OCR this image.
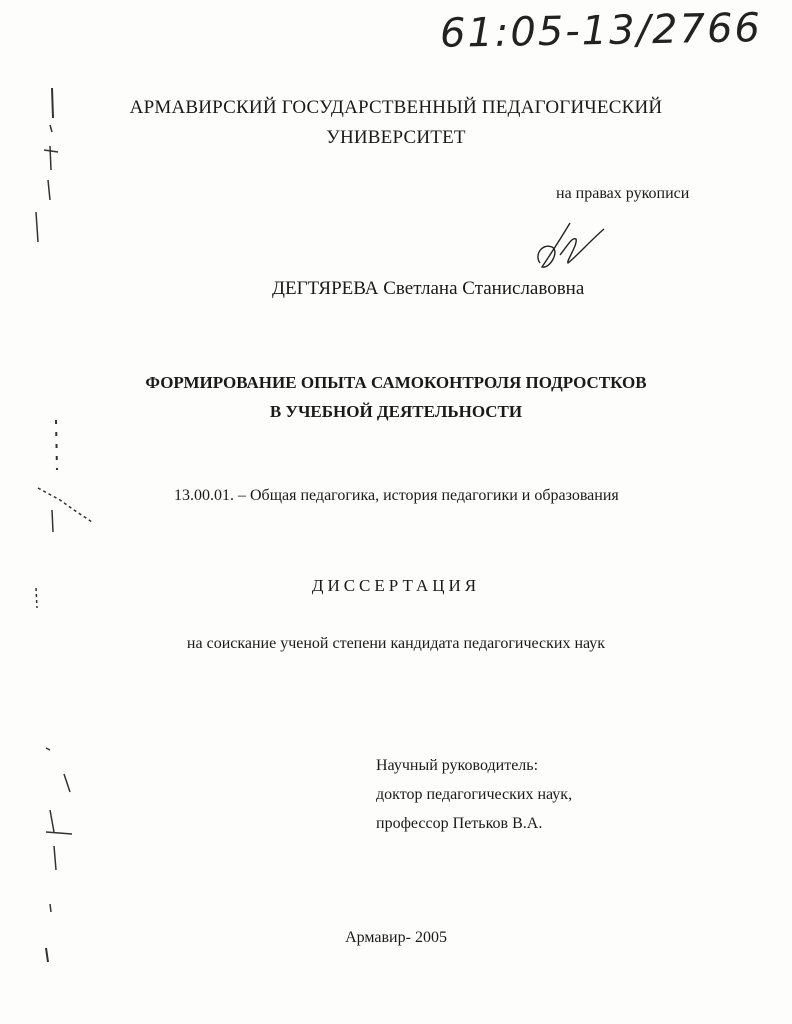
61:05-13/2766
АРМАВИРСКИЙ ГОСУДАРСТВЕННЫЙ ПЕДАГОГИЧЕСКИЙ
УНИВЕРСИТЕТ
на правах рукописи
ДЕГТЯРЕВА Светлана Станиславовна
ФОРМИРОВАНИЕ ОПЫТА САМОКОНТРОЛЯ ПОДРОСТКОВ
В УЧЕБНОЙ ДЕЯТЕЛЬНОСТИ
13.00.01. – Общая педагогика, история педагогики и образования
ДИССЕРТАЦИЯ
на соискание ученой степени кандидата педагогических наук
Научный руководитель:
доктор педагогических наук,
профессор Петьков В.А.
Армавир- 2005
